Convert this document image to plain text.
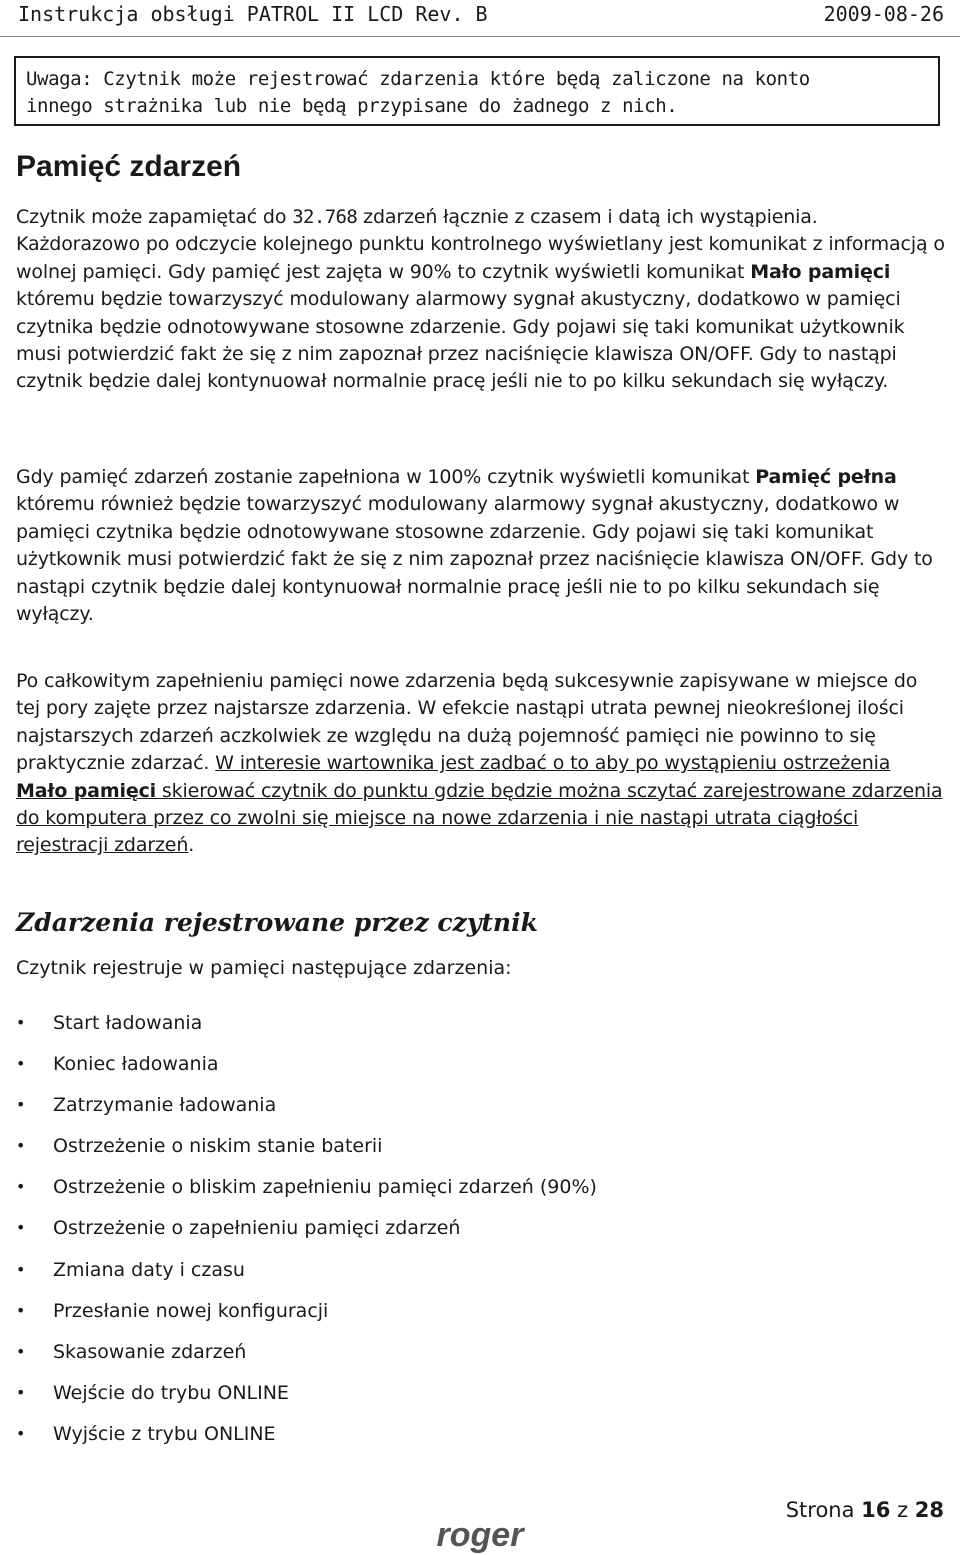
Instrukcja obsługi PATROL II LCD Rev. B	2009-08-26
Uwaga: Czytnik może rejestrować zdarzenia które będą zaliczone na konto
innego strażnika lub nie będą przypisane do żadnego z nich.
Pamięć zdarzeń
Czytnik może zapamiętać do 32.768 zdarzeń łącznie z czasem i datą ich wystąpienia. Każdorazowo po odczycie kolejnego punktu kontrolnego wyświetlany jest komunikat z informacją o wolnej pamięci. Gdy pamięć jest zajęta w 90% to czytnik wyświetli komunikat Mało pamięci któremu będzie towarzyszyć modulowany alarmowy sygnał akustyczny, dodatkowo w pamięci czytnika będzie odnotowywane stosowne zdarzenie. Gdy pojawi się taki komunikat użytkownik musi potwierdzić fakt że się z nim zapoznał przez naciśnięcie klawisza ON/OFF. Gdy to nastąpi czytnik będzie dalej kontynuował normalnie pracę jeśli nie to po kilku sekundach się wyłączy.
Gdy pamięć zdarzeń zostanie zapełniona w 100% czytnik wyświetli komunikat Pamięć pełna któremu również będzie towarzyszyć modulowany alarmowy sygnał akustyczny, dodatkowo w pamięci czytnika będzie odnotowywane stosowne zdarzenie. Gdy pojawi się taki komunikat użytkownik musi potwierdzić fakt że się z nim zapoznał przez naciśnięcie klawisza ON/OFF. Gdy to nastąpi czytnik będzie dalej kontynuował normalnie pracę jeśli nie to po kilku sekundach się wyłączy.
Po całkowitym zapełnieniu pamięci nowe zdarzenia będą sukcesywnie zapisywane w miejsce do tej pory zajęte przez najstarsze zdarzenia. W efekcie nastąpi utrata pewnej nieokreślonej ilości najstarszych zdarzeń aczkolwiek ze względu na dużą pojemność pamięci nie powinno to się praktycznie zdarzać. W interesie wartownika jest zadbać o to aby po wystąpieniu ostrzeżenia Mało pamięci skierować czytnik do punktu gdzie będzie można sczytać zarejestrowane zdarzenia do komputera przez co zwolni się miejsce na nowe zdarzenia i nie nastąpi utrata ciągłości rejestracji zdarzeń.
Zdarzenia rejestrowane przez czytnik
Czytnik rejestruje w pamięci następujące zdarzenia:
• Start ładowania
• Koniec ładowania
• Zatrzymanie ładowania
• Ostrzeżenie o niskim stanie baterii
• Ostrzeżenie o bliskim zapełnieniu pamięci zdarzeń (90%)
• Ostrzeżenie o zapełnieniu pamięci zdarzeń
• Zmiana daty i czasu
• Przesłanie nowej konfiguracji
• Skasowanie zdarzeń
• Wejście do trybu ONLINE
• Wyjście z trybu ONLINE
Strona 16 z 28
roger
